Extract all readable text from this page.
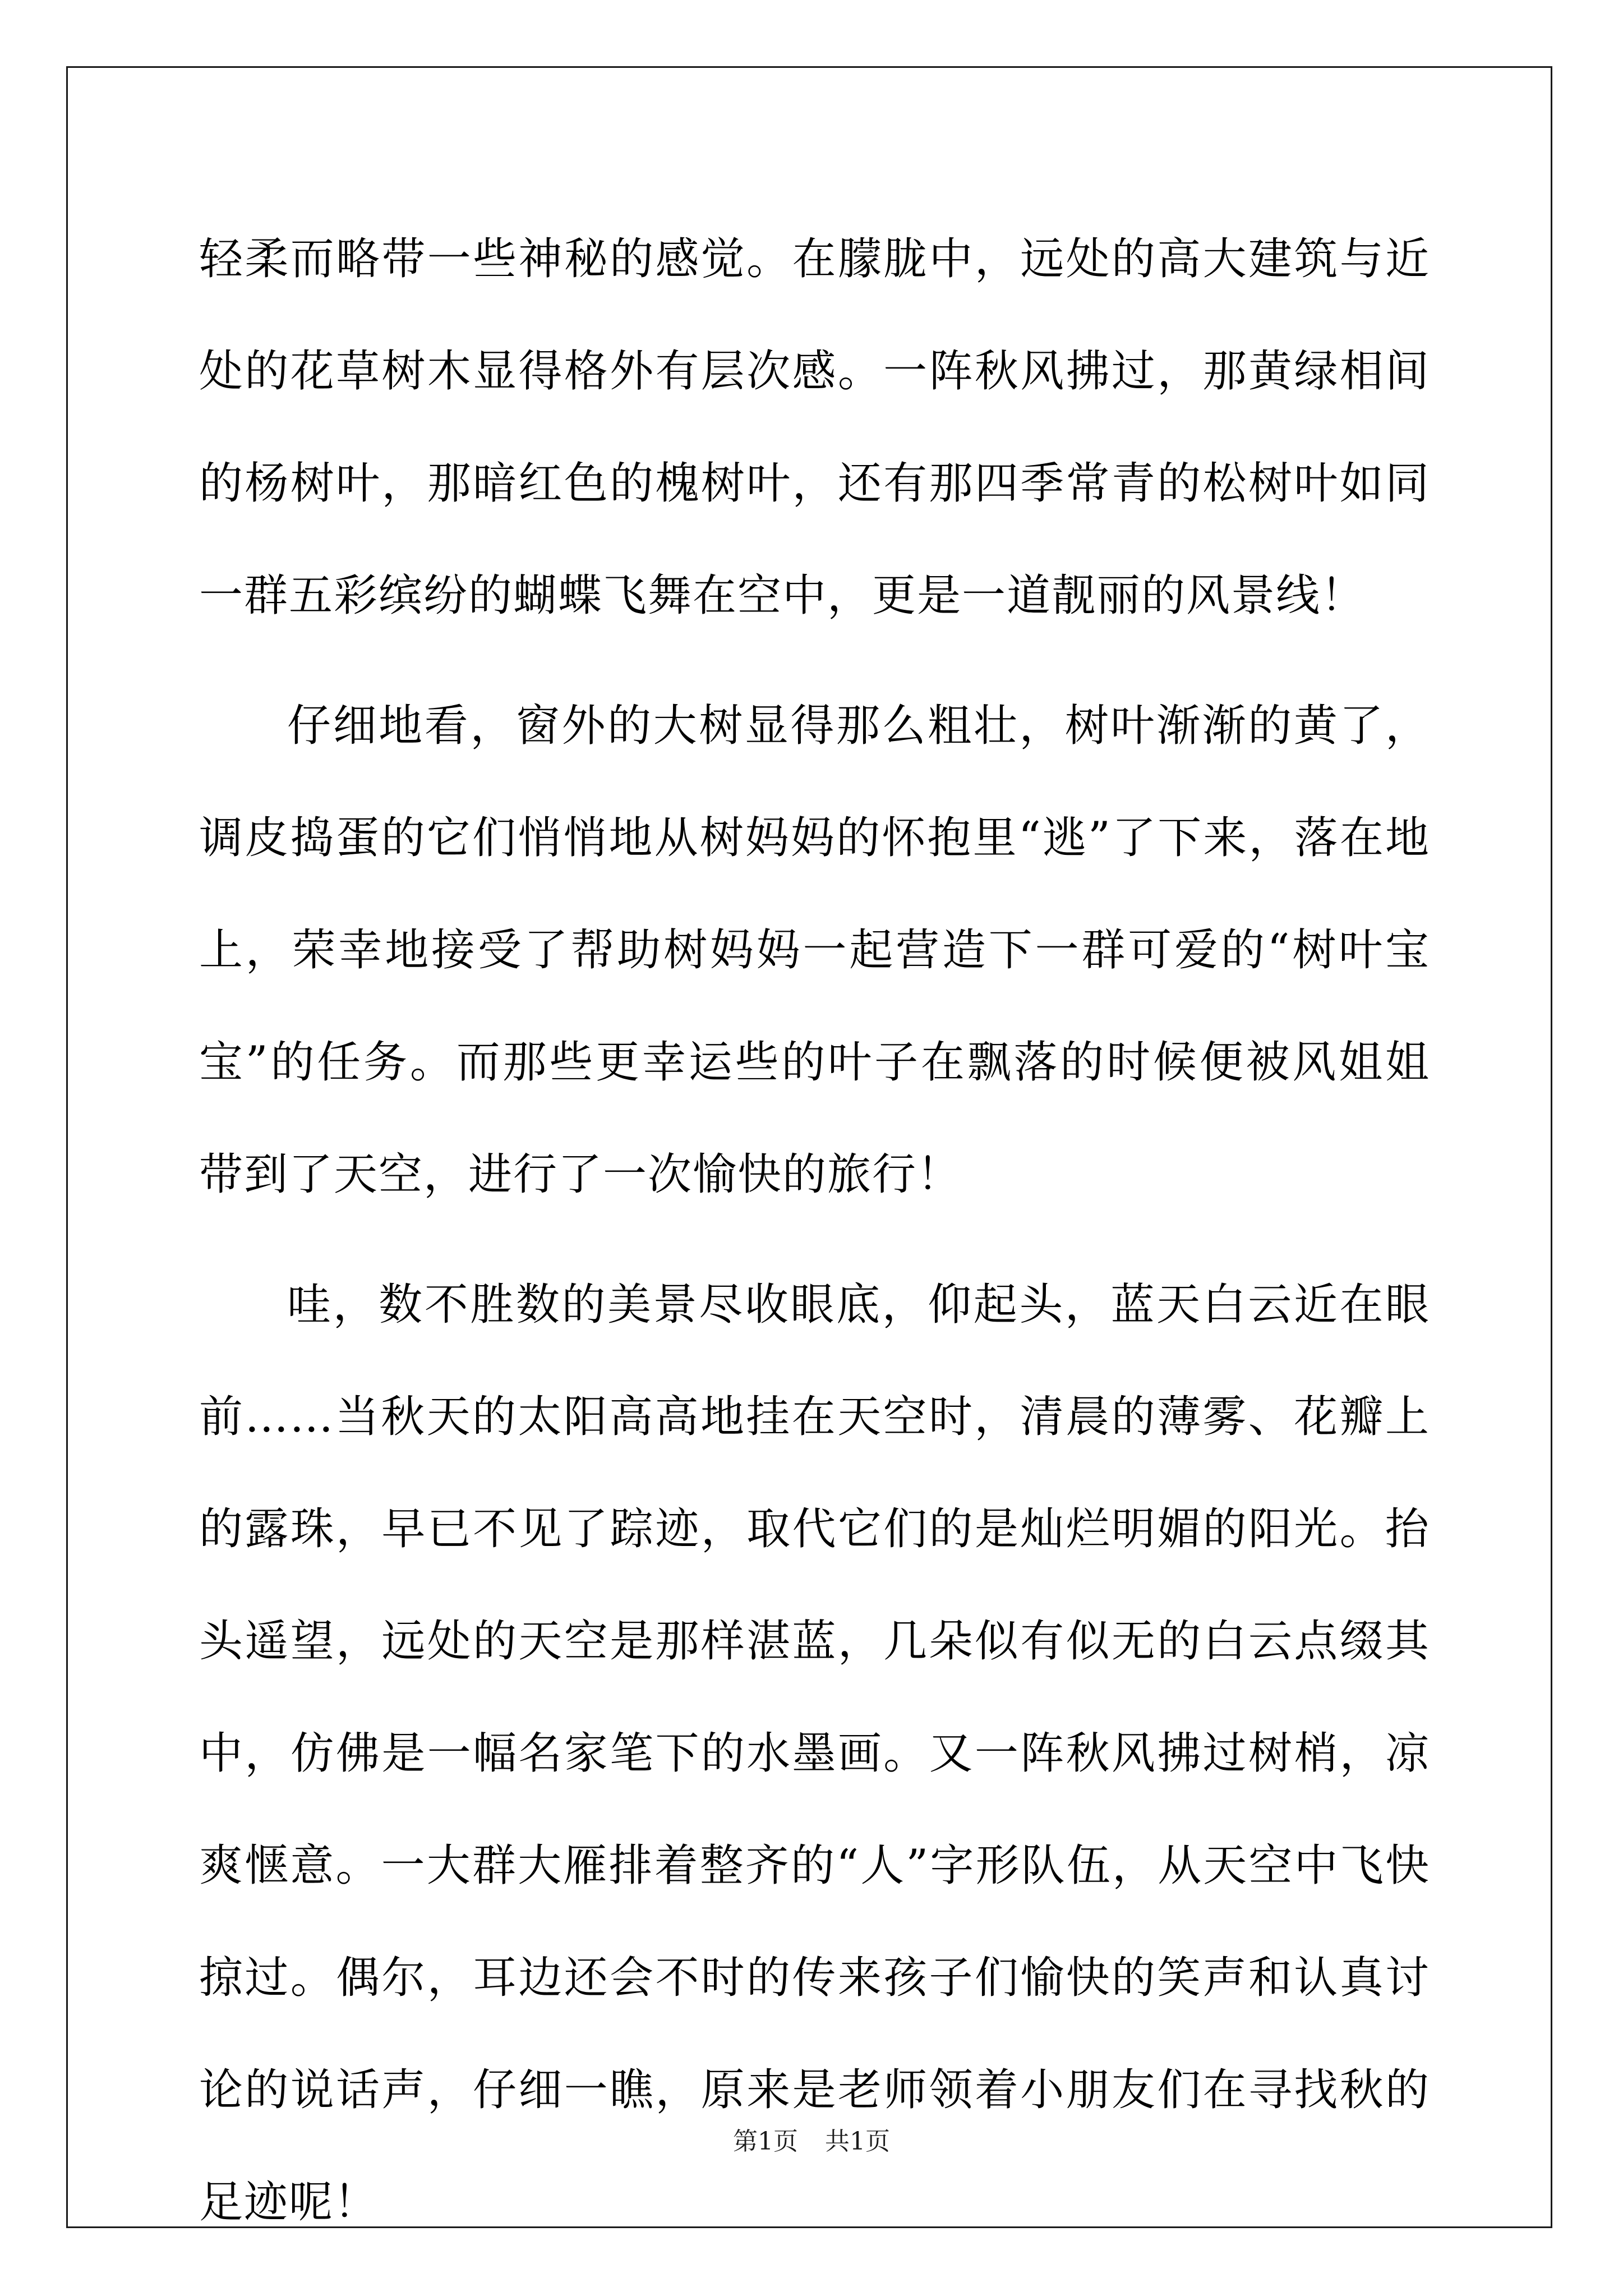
轻柔而略带一些神秘的感觉。在朦胧中，远处的高大建筑与近处的花草树木显得格外有层次感。一阵秋风拂过，那黄绿相间的杨树叶，那暗红色的槐树叶，还有那四季常青的松树叶如同一群五彩缤纷的蝴蝶飞舞在空中，更是一道靓丽的风景线！

仔细地看，窗外的大树显得那么粗壮，树叶渐渐的黄了，调皮捣蛋的它们悄悄地从树妈妈的怀抱里“逃”了下来，落在地上，荣幸地接受了帮助树妈妈一起营造下一群可爱的“树叶宝宝”的任务。而那些更幸运些的叶子在飘落的时候便被风姐姐带到了天空，进行了一次愉快的旅行！

哇，数不胜数的美景尽收眼底，仰起头，蓝天白云近在眼前……当秋天的太阳高高地挂在天空时，清晨的薄雾、花瓣上的露珠，早已不见了踪迹，取代它们的是灿烂明媚的阳光。抬头遥望，远处的天空是那样湛蓝，几朵似有似无的白云点缀其中，仿佛是一幅名家笔下的水墨画。又一阵秋风拂过树梢，凉爽惬意。一大群大雁排着整齐的“人”字形队伍，从天空中飞快掠过。偶尔，耳边还会不时的传来孩子们愉快的笑声和认真讨论的说话声，仔细一瞧，原来是老师领着小朋友们在寻找秋的足迹呢！

第1页 共1页
